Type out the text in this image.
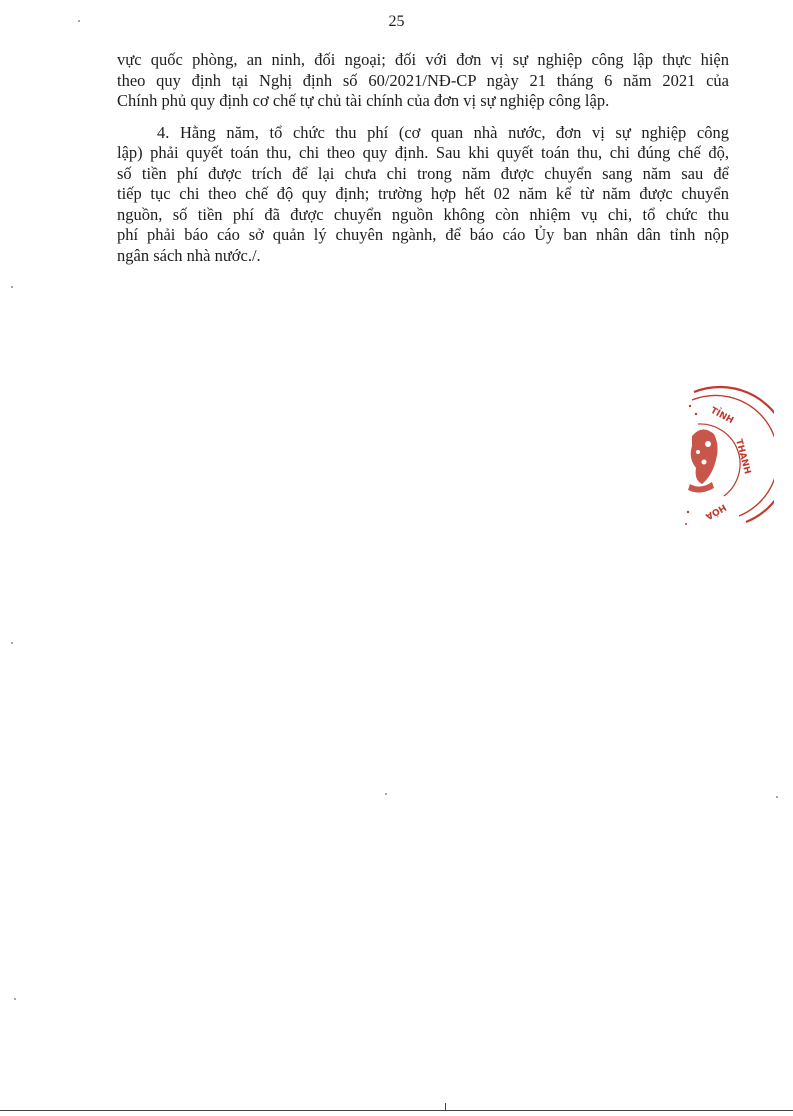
25

vực quốc phòng, an ninh, đối ngoại; đối với đơn vị sự nghiệp công lập thực hiện
theo quy định tại Nghị định số 60/2021/NĐ-CP ngày 21 tháng 6 năm 2021 của
Chính phủ quy định cơ chế tự chủ tài chính của đơn vị sự nghiệp công lập.

4. Hằng năm, tổ chức thu phí (cơ quan nhà nước, đơn vị sự nghiệp công
lập) phải quyết toán thu, chi theo quy định. Sau khi quyết toán thu, chi đúng chế độ,
số tiền phí được trích để lại chưa chi trong năm được chuyển sang năm sau để
tiếp tục chi theo chế độ quy định; trường hợp hết 02 năm kể từ năm được chuyển
nguồn, số tiền phí đã được chuyển nguồn không còn nhiệm vụ chi, tổ chức thu
phí phải báo cáo sở quản lý chuyên ngành, để báo cáo Ủy ban nhân dân tỉnh nộp
ngân sách nhà nước./.

TỈNH
THANH
HÓA
